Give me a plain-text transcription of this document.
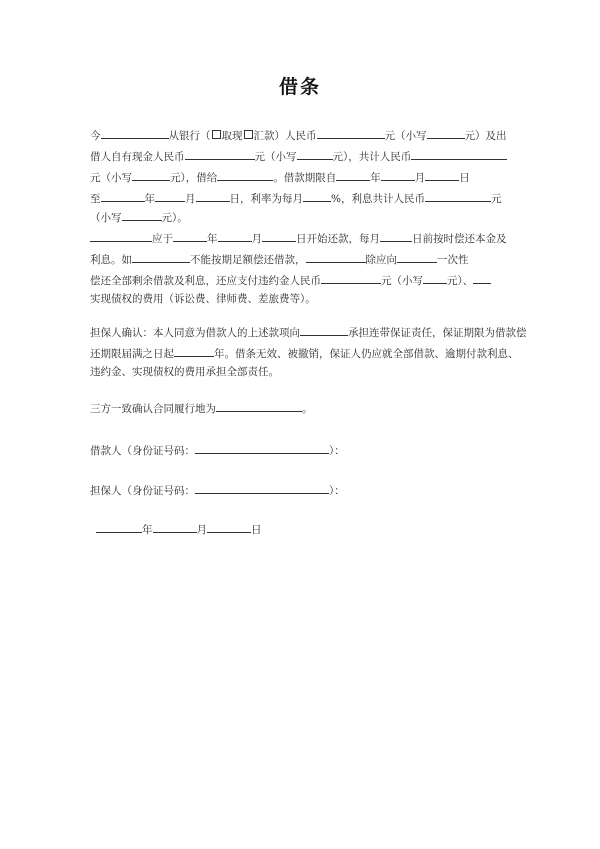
借条
今	从银行（ 取现 汇款）人民币	元（小写	元）及出
借人自有现金人民币	元（小写	元），共计人民币
元（小写	元），借给	。借款期限自	年	月	日
至	年	月	日，利率为每月	%，利息共计人民币	元
（小写	元）。
应于	年	月	日开始还款，每月	日前按时偿还本金及
利息。如	不能按期足额偿还借款，	除应向	一次性
偿还全部剩余借款及利息，还应支付违约金人民币	元（小写 元）、
实现债权的费用（诉讼费、律师费、差旅费等）。
担保人确认：本人同意为借款人的上述款项向	承担连带保证责任，保证期限为借款偿
还期限届满之日起	年。借条无效、被撤销，保证人仍应就全部借款、逾期付款利息、
违约金、实现债权的费用承担全部责任。
三方一致确认合同履行地为	。
借款人（身份证号码：	）：
担保人（身份证号码：	）：
年	月	日
